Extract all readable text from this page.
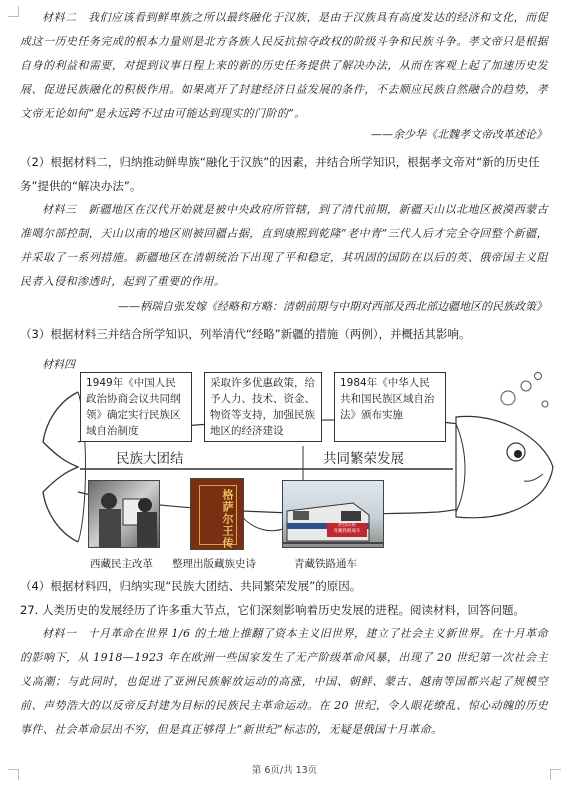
材料二　我们应该看到鲜卑族之所以最终融化于汉族，是由于汉族具有高度发达的经济和文化，而促成这一历史任务完成的根本力量则是北方各族人民反抗掠夺政权的阶级斗争和民族斗争。孝文帝只是根据自身的利益和需要，对提到议事日程上来的新的历史任务提供了解决办法，从而在客观上起了加速历史发展、促进民族融化的积极作用。如果离开了封建经济日益发展的条件，不去顺应民族自然融合的趋势，孝文帝无论如何“是永远跨不过由可能达到现实的门阶的”。

——余少华《北魏孝文帝改革述论》

（2）根据材料二，归纳推动鲜卑族“融化于汉族”的因素，并结合所学知识，根据孝文帝对“新的历史任务”提供的“解决办法”。

材料三　新疆地区在汉代开始就是被中央政府所管辖，到了清代前期，新疆天山以北地区被漠西蒙古准噶尔部控制，天山以南的地区则被回疆占据，直到康熙到乾隆“老中青”三代人后才完全夺回整个新疆，并采取了一系列措施。新疆地区在清朝统治下出现了平和稳定，其巩固的国防在以后的英、俄帝国主义阻民者入侵和渗透时，起到了重要的作用。

——柄瑞自张发嫁《经略和方略：清朝前期与中期对西部及西北部边疆地区的民族政策》

（3）根据材料三并结合所学知识，列举清代“经略”新疆的措施（两例），并概括其影响。

材料四
1949年《中国人民政治协商会议共同纲领》确定实行民族区域自治制度
采取许多优惠政策，给予人力、技术、资金、物资等支持，加强民族地区的经济建设
1984年《中华人民共和国民族区域自治法》颁布实施
民族大团结	共同繁荣发展
格萨尔王传	热烈庆祝
青藏铁路通车
西藏民主改革 整理出版藏族史诗	青藏铁路通车

（4）根据材料四，归纳实现“民族大团结、共同繁荣发展”的原因。

27. 人类历史的发展经历了许多重大节点，它们深刻影响着历史发展的进程。阅读材料，回答问题。

材料一　十月革命在世界 1/6 的土地上推翻了资本主义旧世界，建立了社会主义新世界。在十月革命的影响下，从 1918—1923 年在欧洲一些国家发生了无产阶级革命风暴，出现了 20 世纪第一次社会主义高潮；与此同时，也促进了亚洲民族解放运动的高涨，中国、朝鲜、蒙古、越南等国都兴起了规模空前、声势浩大的以反帝反封建为目标的民族民主革命运动。在 20 世纪，令人眼花缭乱、惊心动魄的历史事件、社会革命层出不穷，但是真正够得上“新世纪”标志的，无疑是俄国十月革命。

第 6页/共 13页
